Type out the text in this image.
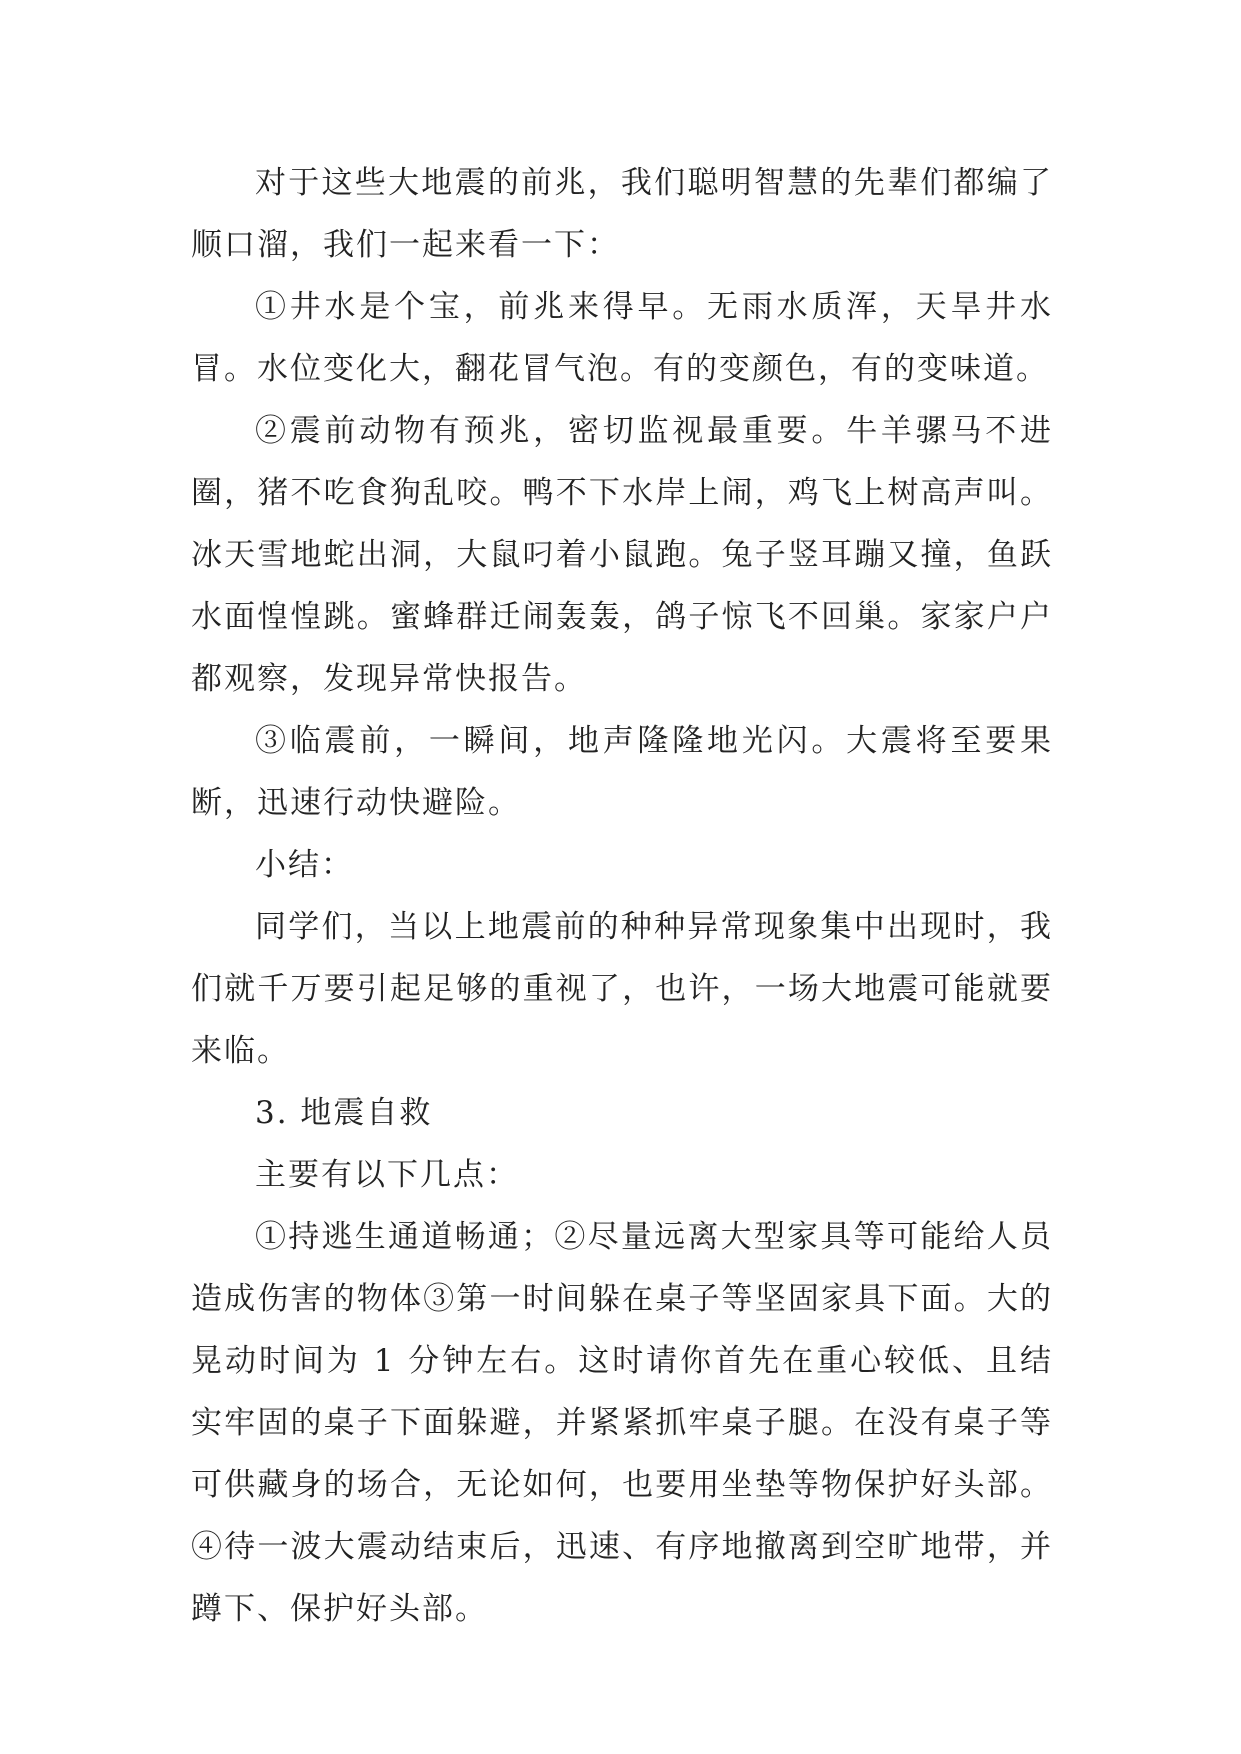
对于这些大地震的前兆，我们聪明智慧的先辈们都编了顺口溜，我们一起来看一下：

①井水是个宝，前兆来得早。无雨水质浑，天旱井水冒。水位变化大，翻花冒气泡。有的变颜色，有的变味道。

②震前动物有预兆，密切监视最重要。牛羊骡马不进圈，猪不吃食狗乱咬。鸭不下水岸上闹，鸡飞上树高声叫。冰天雪地蛇出洞，大鼠叼着小鼠跑。兔子竖耳蹦又撞，鱼跃水面惶惶跳。蜜蜂群迁闹轰轰，鸽子惊飞不回巢。家家户户都观察，发现异常快报告。

③临震前，一瞬间，地声隆隆地光闪。大震将至要果断，迅速行动快避险。

小结：

同学们，当以上地震前的种种异常现象集中出现时，我们就千万要引起足够的重视了，也许，一场大地震可能就要来临。

3. 地震自救

主要有以下几点：

①持逃生通道畅通；②尽量远离大型家具等可能给人员造成伤害的物体③第一时间躲在桌子等坚固家具下面。大的晃动时间为 1 分钟左右。这时请你首先在重心较低、且结实牢固的桌子下面躲避，并紧紧抓牢桌子腿。在没有桌子等可供藏身的场合，无论如何，也要用坐垫等物保护好头部。④待一波大震动结束后，迅速、有序地撤离到空旷地带，并蹲下、保护好头部。
